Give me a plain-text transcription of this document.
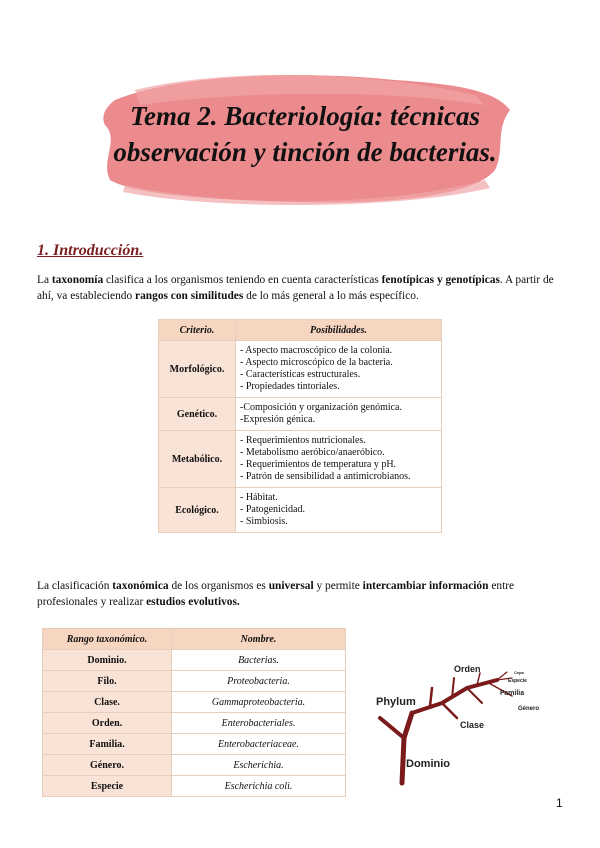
Tema 2. Bacteriología: técnicas
observación y tinción de bacterias.
1. Introducción.
La taxonomía clasifica a los organismos teniendo en cuenta características fenotípicas y genotípicas. A partir de ahí, va estableciendo rangos con similitudes de lo más general a lo más específico.
Criterio.	Posibilidades.
Morfológico.	- Aspecto macroscópico de la colonia.
- Aspecto microscópico de la bacteria.
- Características estructurales.
- Propiedades tintoriales.

Genético.	-Composición y organización genómica.
-Expresión génica.

Metabólico.	- Requerimientos nutricionales.
- Metabolismo aeróbico/anaeróbico.
- Requerimientos de temperatura y pH.
- Patrón de sensibilidad a antimicrobianos.

Ecológico.	- Hábitat.
- Patogenicidad.
- Simbiosis.
La clasificación taxonómica de los organismos es universal y permite intercambiar información entre profesionales y realizar estudios evolutivos.
Rango taxonómico.	Nombre.
Dominio.	Bacterias.
Filo.	Proteobacteria.
Clase.	Gammaproteobacteria.
Orden.	Enterobacteriales.
Familia.	Enterobacteriaceae.
Género.	Escherichia.
Especie	Escherichia coli.
Dominio
Phylum
Clase
Orden
Familia
Género
Especie
Cepa
1
